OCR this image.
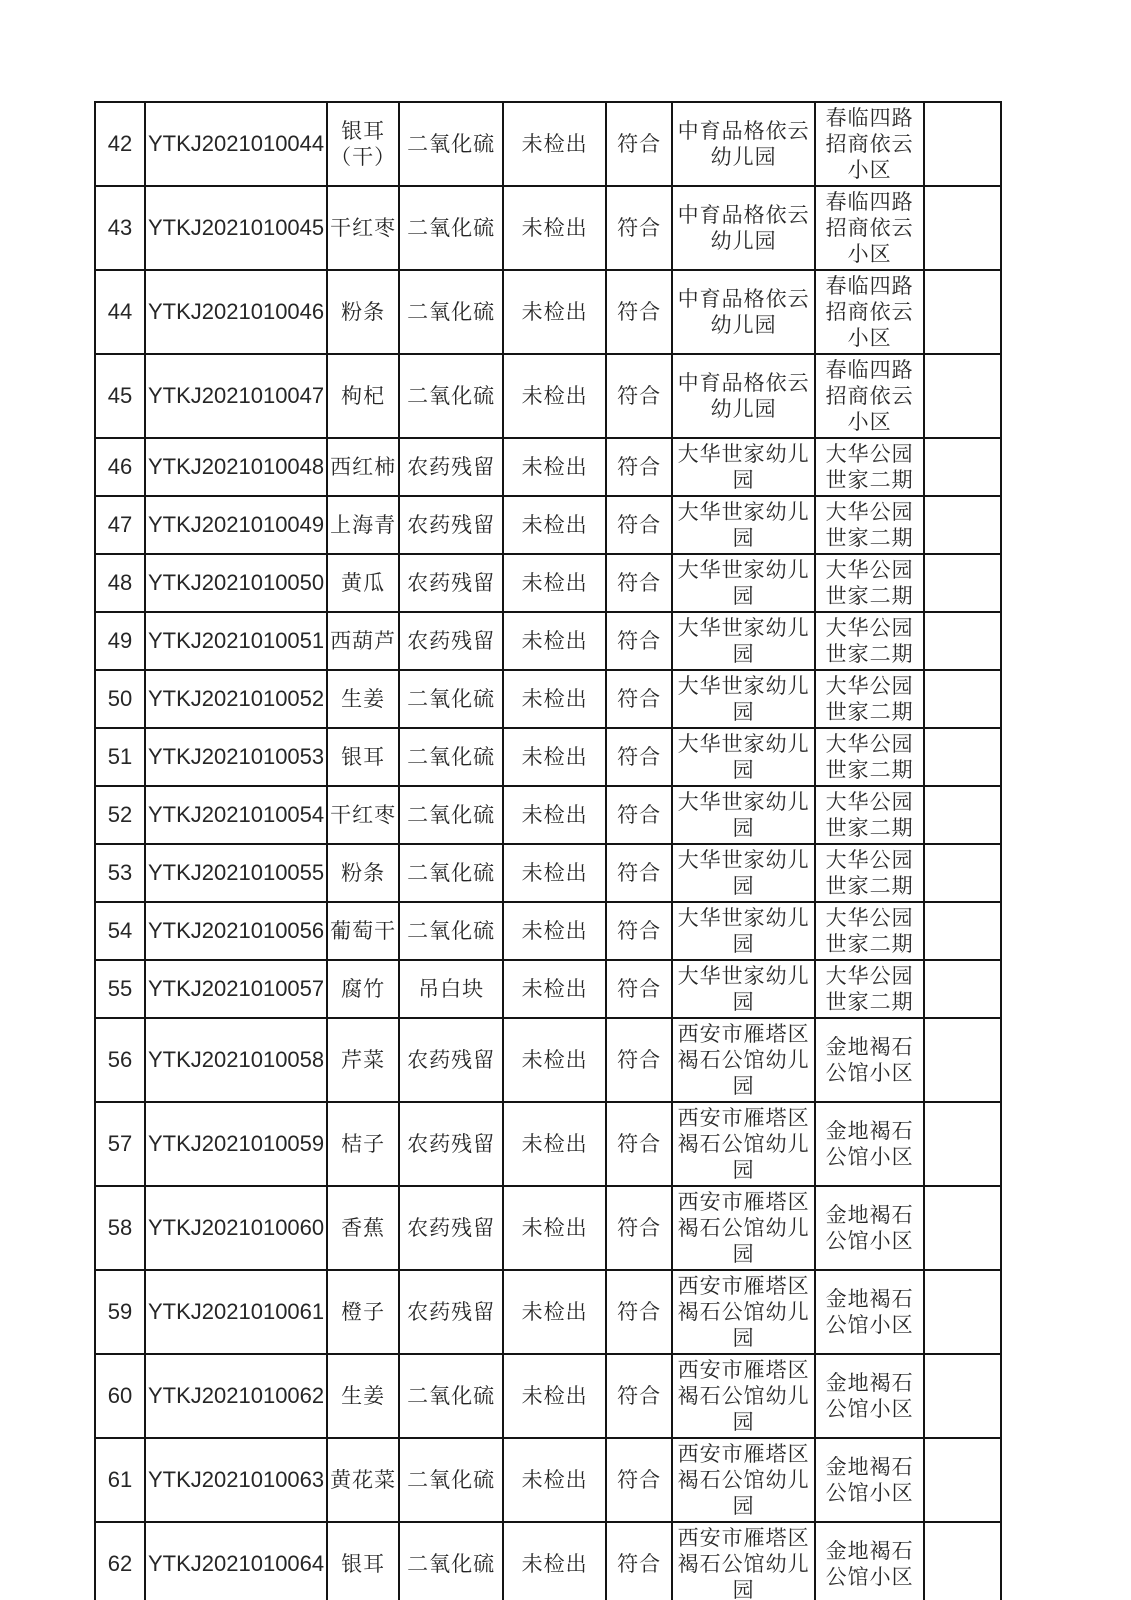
42	YTKJ2021010044	银耳（干）	二氧化硫	未检出	符合	中育品格依云幼儿园	春临四路招商依云小区	
43	YTKJ2021010045	干红枣	二氧化硫	未检出	符合	中育品格依云幼儿园	春临四路招商依云小区	
44	YTKJ2021010046	粉条	二氧化硫	未检出	符合	中育品格依云幼儿园	春临四路招商依云小区	
45	YTKJ2021010047	枸杞	二氧化硫	未检出	符合	中育品格依云幼儿园	春临四路招商依云小区	
46	YTKJ2021010048	西红柿	农药残留	未检出	符合	大华世家幼儿园	大华公园世家二期	
47	YTKJ2021010049	上海青	农药残留	未检出	符合	大华世家幼儿园	大华公园世家二期	
48	YTKJ2021010050	黄瓜	农药残留	未检出	符合	大华世家幼儿园	大华公园世家二期	
49	YTKJ2021010051	西葫芦	农药残留	未检出	符合	大华世家幼儿园	大华公园世家二期	
50	YTKJ2021010052	生姜	二氧化硫	未检出	符合	大华世家幼儿园	大华公园世家二期	
51	YTKJ2021010053	银耳	二氧化硫	未检出	符合	大华世家幼儿园	大华公园世家二期	
52	YTKJ2021010054	干红枣	二氧化硫	未检出	符合	大华世家幼儿园	大华公园世家二期	
53	YTKJ2021010055	粉条	二氧化硫	未检出	符合	大华世家幼儿园	大华公园世家二期	
54	YTKJ2021010056	葡萄干	二氧化硫	未检出	符合	大华世家幼儿园	大华公园世家二期	
55	YTKJ2021010057	腐竹	吊白块	未检出	符合	大华世家幼儿园	大华公园世家二期	
56	YTKJ2021010058	芹菜	农药残留	未检出	符合	西安市雁塔区褐石公馆幼儿园	金地褐石公馆小区	
57	YTKJ2021010059	桔子	农药残留	未检出	符合	西安市雁塔区褐石公馆幼儿园	金地褐石公馆小区	
58	YTKJ2021010060	香蕉	农药残留	未检出	符合	西安市雁塔区褐石公馆幼儿园	金地褐石公馆小区	
59	YTKJ2021010061	橙子	农药残留	未检出	符合	西安市雁塔区褐石公馆幼儿园	金地褐石公馆小区	
60	YTKJ2021010062	生姜	二氧化硫	未检出	符合	西安市雁塔区褐石公馆幼儿园	金地褐石公馆小区	
61	YTKJ2021010063	黄花菜	二氧化硫	未检出	符合	西安市雁塔区褐石公馆幼儿园	金地褐石公馆小区	
62	YTKJ2021010064	银耳	二氧化硫	未检出	符合	西安市雁塔区褐石公馆幼儿园	金地褐石公馆小区	
